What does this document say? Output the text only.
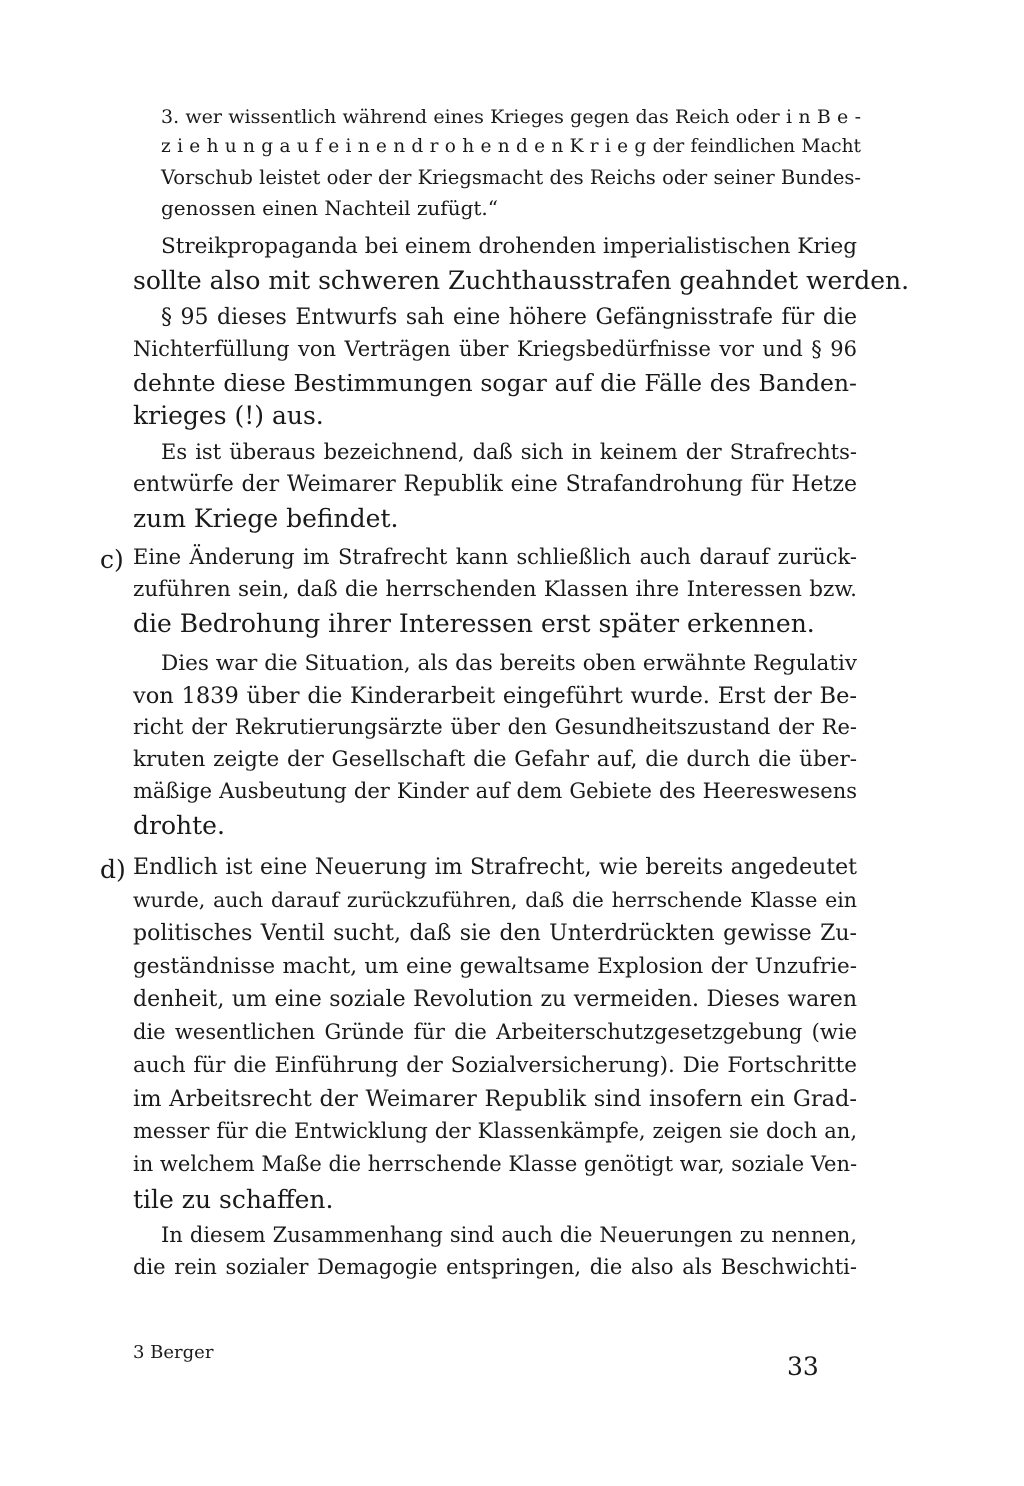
3. wer wissentlich während eines Krieges gegen das Reich oder i n B e -

z i e h u n g a u f e i n e n d r o h e n d e n K r i e g der feindlichen Macht

Vorschub leistet oder der Kriegsmacht des Reichs oder seiner Bundes-

genossen einen Nachteil zufügt.“

Streikpropaganda bei einem drohenden imperialistischen Krieg

sollte also mit schweren Zuchthausstrafen geahndet werden.

§ 95 dieses Entwurfs sah eine höhere Gefängnisstrafe für die

Nichterfüllung von Verträgen über Kriegsbedürfnisse vor und § 96

dehnte diese Bestimmungen sogar auf die Fälle des Banden-

krieges (!) aus.

Es ist überaus bezeichnend, daß sich in keinem der Strafrechts-

entwürfe der Weimarer Republik eine Strafandrohung für Hetze

zum Kriege befindet.

c) Eine Änderung im Strafrecht kann schließlich auch darauf zurück-

zuführen sein, daß die herrschenden Klassen ihre Interessen bzw.

die Bedrohung ihrer Interessen erst später erkennen.

Dies war die Situation, als das bereits oben erwähnte Regulativ

von 1839 über die Kinderarbeit eingeführt wurde. Erst der Be-

richt der Rekrutierungsärzte über den Gesundheitszustand der Re-

kruten zeigte der Gesellschaft die Gefahr auf, die durch die über-

mäßige Ausbeutung der Kinder auf dem Gebiete des Heereswesens

drohte.

d) Endlich ist eine Neuerung im Strafrecht, wie bereits angedeutet

wurde, auch darauf zurückzuführen, daß die herrschende Klasse ein

politisches Ventil sucht, daß sie den Unterdrückten gewisse Zu-

geständnisse macht, um eine gewaltsame Explosion der Unzufrie-

denheit, um eine soziale Revolution zu vermeiden. Dieses waren

die wesentlichen Gründe für die Arbeiterschutzgesetzgebung (wie

auch für die Einführung der Sozialversicherung). Die Fortschritte

im Arbeitsrecht der Weimarer Republik sind insofern ein Grad-

messer für die Entwicklung der Klassenkämpfe, zeigen sie doch an,

in welchem Maße die herrschende Klasse genötigt war, soziale Ven-

tile zu schaffen.

In diesem Zusammenhang sind auch die Neuerungen zu nennen,

die rein sozialer Demagogie entspringen, die also als Beschwichti-

3 Berger	33
